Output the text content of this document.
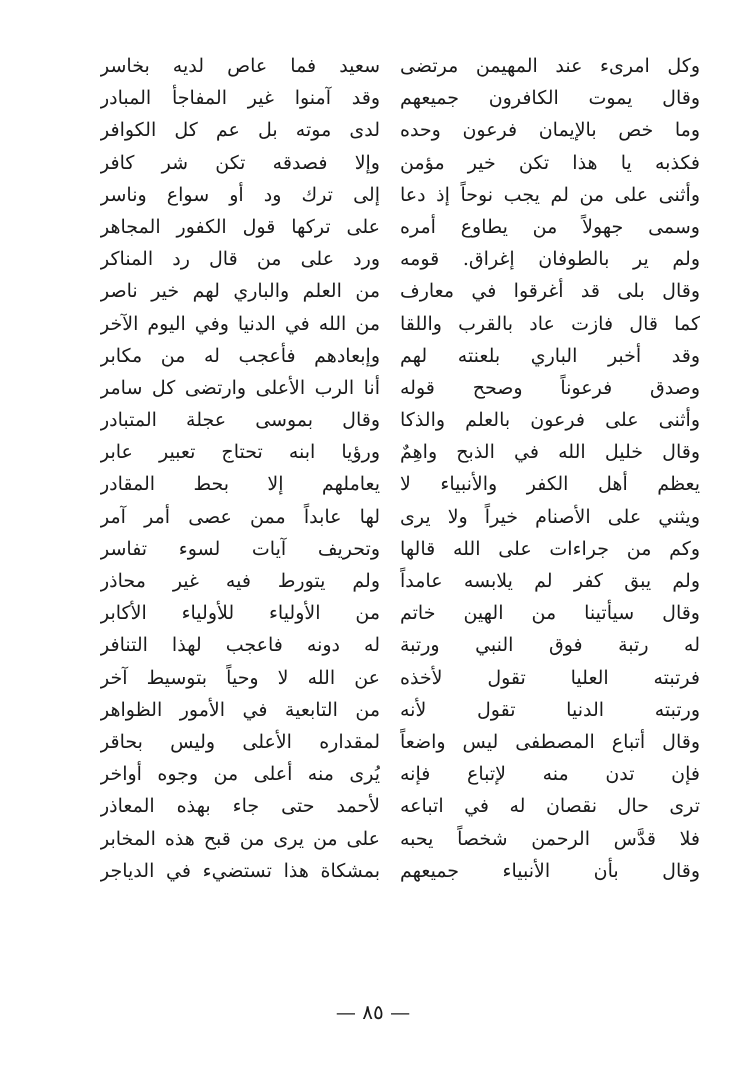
وكل امرىء عند المهيمن مرتضى
وقال يموت الكافرون جميعهم
وما خص بالإيمان فرعون وحده
فكذبه يا هذا تكن خير مؤمن
وأثنى على من لم يجب نوحاً إذ دعا
وسمى جهولاً من يطاوع أمره
ولم ير بالطوفان إغراق. قومه
وقال بلى قد أغرقوا في معارف
كما قال فازت عاد بالقرب واللقا
وقد أخبر الباري بلعنته لهم
وصدق فرعوناً وصحح قوله
وأثنى على فرعون بالعلم والذكا
وقال خليل الله في الذبح واهِمٌ
يعظم أهل الكفر والأنبياء لا
ويثني على الأصنام خيراً ولا يرى
وكم من جراءات على الله قالها
ولم يبق كفر لم يلابسه عامداً
وقال سيأتينا من الهين خاتم
له رتبة فوق النبي ورتبة
فرتبته العليا تقول لأخذه
ورتبته الدنيا تقول لأنه
وقال أتباع المصطفى ليس واضعاً
فإن تدن منه لإتباع فإنه
ترى حال نقصان له في اتباعه
فلا قدَّس الرحمن شخصاً يحبه
وقال بأن الأنبياء جميعهم
سعيد فما عاص لديه بخاسر
وقد آمنوا غير المفاجأ المبادر
لدى موته بل عم كل الكوافر
وإلا فصدقه تكن شر كافر
إلى ترك ود أو سواع وناسر
على تركها قول الكفور المجاهر
ورد على من قال رد المناكر
من العلم والباري لهم خير ناصر
من الله في الدنيا وفي اليوم الآخر
وإبعادهم فأعجب له من مكابر
أنا الرب الأعلى وارتضى كل سامر
وقال بموسى عجلة المتبادر
ورؤيا ابنه تحتاج تعبير عابر
يعاملهم إلا بحط المقادر
لها عابداً ممن عصى أمر آمر
وتحريف آيات لسوء تفاسر
ولم يتورط فيه غير محاذر
من الأولياء للأولياء الأكابر
له دونه فاعجب لهذا التنافر
عن الله لا وحياً بتوسيط آخر
من التابعية في الأمور الظواهر
لمقداره الأعلى وليس بحاقر
يُرى منه أعلى من وجوه أواخر
لأحمد حتى جاء بهذه المعاذر
على من يرى من قبح هذه المخابر
بمشكاة هذا تستضيء في الدياجر
— ٨٥ —
